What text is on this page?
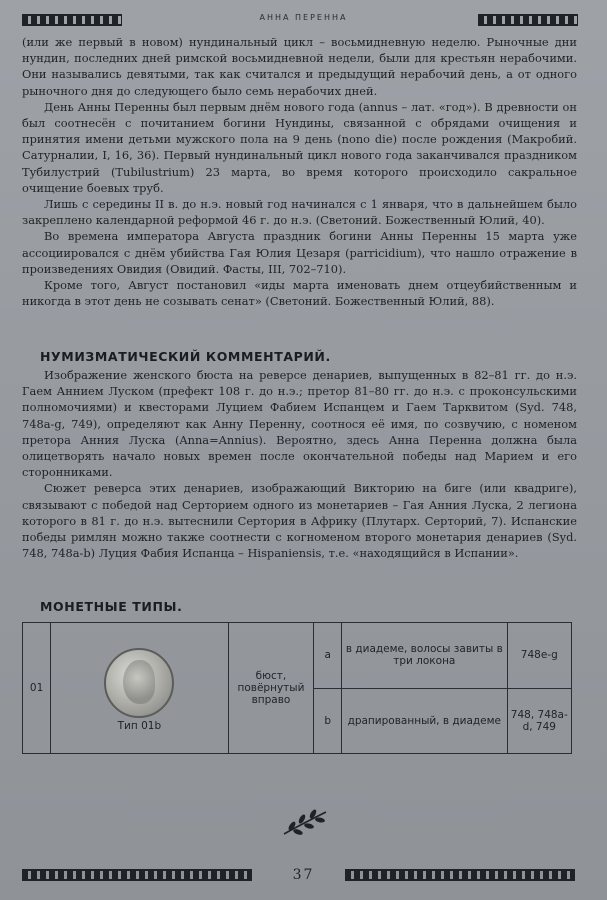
АННА ПЕРЕННА

(или же первый в новом) нундинальный цикл – восьмидневную неделю. Рыночные дни нундин, последних дней римской восьмидневной недели, были для крестьян нерабочими. Они назывались девятыми, так как считался и предыдущий нерабочий день, а от одного рыночного дня до следующего было семь нерабочих дней.

День Анны Перенны был первым днём нового года (annus – лат. «год»). В древности он был соотнесён с почитанием богини Нундины, связанной с обрядами очищения и принятия имени детьми мужского пола на 9 день (nono die) после рождения (Макробий. Сатурналии, I, 16, 36). Первый нундинальный цикл нового года заканчивался праздником Тубилустрий (Tubilustrium) 23 марта, во время которого происходило сакральное очищение боевых труб.

Лишь с середины II в. до н.э. новый год начинался с 1 января, что в дальнейшем было закреплено календарной реформой 46 г. до н.э. (Светоний. Божественный Юлий, 40).

Во времена императора Августа праздник богини Анны Перенны 15 марта уже ассоциировался с днём убийства Гая Юлия Цезаря (parricidium), что нашло отражение в произведениях Овидия (Овидий. Фасты, III, 702–710).

Кроме того, Август постановил «иды марта именовать днем отцеубийственным и никогда в этот день не созывать сенат» (Светоний. Божественный Юлий, 88).

НУМИЗМАТИЧЕСКИЙ КОММЕНТАРИЙ.

Изображение женского бюста на реверсе денариев, выпущенных в 82–81 гг. до н.э. Гаем Аннием Луском (префект 108 г. до н.э.; претор 81–80 гг. до н.э. с проконсульскими полномочиями) и квесторами Луцием Фабием Испанцем и Гаем Тарквитом (Syd. 748, 748a-g, 749), определяют как Анну Перенну, соотнося её имя, по созвучию, с номеном претора Анния Луска (Anna=Annius). Вероятно, здесь Анна Перенна должна была олицетворять начало новых времен после окончательной победы над Марием и его сторонниками.

Сюжет реверса этих денариев, изображающий Викторию на биге (или квадриге), связывают с победой над Серторием одного из монетариев – Гая Анния Луска, 2 легиона которого в 81 г. до н.э. вытеснили Сертория в Африку (Плутарх. Серторий, 7). Испанские победы римлян можно также соотнести с когноменом второго монетария денариев (Syd. 748, 748a-b) Луция Фабия Испанца – Hispaniensis, т.е. «находящийся в Испании».

МОНЕТНЫЕ ТИПЫ.
01	Тип 01b	бюст, повёрнутый вправо	a	в диадеме, волосы завиты в три локона	748e-g
			b	драпированный, в диадеме	748, 748a-d, 749
37
